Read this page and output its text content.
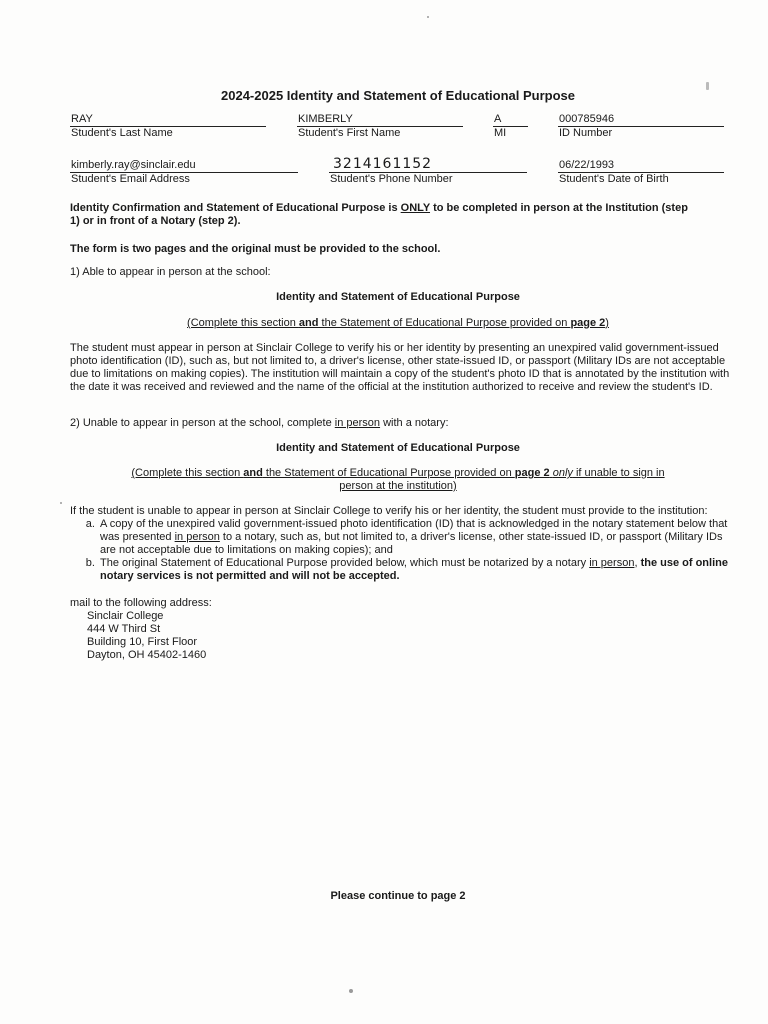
2024-2025 Identity and Statement of Educational Purpose
RAY
Student's Last Name
KIMBERLY
Student's First Name
A
MI
000785946
ID Number
kimberly.ray@sinclair.edu
Student's Email Address
3214161152
Student's Phone Number
06/22/1993
Student's Date of Birth

Identity Confirmation and Statement of Educational Purpose is ONLY to be completed in person at the Institution (step 1) or in front of a Notary (step 2).

The form is two pages and the original must be provided to the school.

1) Able to appear in person at the school:

Identity and Statement of Educational Purpose

(Complete this section and the Statement of Educational Purpose provided on page 2)

The student must appear in person at Sinclair College to verify his or her identity by presenting an unexpired valid government-issued photo identification (ID), such as, but not limited to, a driver's license, other state-issued ID, or passport (Military IDs are not acceptable due to limitations on making copies). The institution will maintain a copy of the student's photo ID that is annotated by the institution with the date it was received and reviewed and the name of the official at the institution authorized to receive and review the student's ID.

2) Unable to appear in person at the school, complete in person with a notary:

Identity and Statement of Educational Purpose

(Complete this section and the Statement of Educational Purpose provided on page 2 only if unable to sign in person at the institution)

If the student is unable to appear in person at Sinclair College to verify his or her identity, the student must provide to the institution:

a. A copy of the unexpired valid government-issued photo identification (ID) that is acknowledged in the notary statement below that was presented in person to a notary, such as, but not limited to, a driver's license, other state-issued ID, or passport (Military IDs are not acceptable due to limitations on making copies); and
b. The original Statement of Educational Purpose provided below, which must be notarized by a notary in person, the use of online notary services is not permitted and will not be accepted.
mail to the following address:
Sinclair College
444 W Third St
Building 10, First Floor
Dayton, OH 45402-1460

Please continue to page 2
